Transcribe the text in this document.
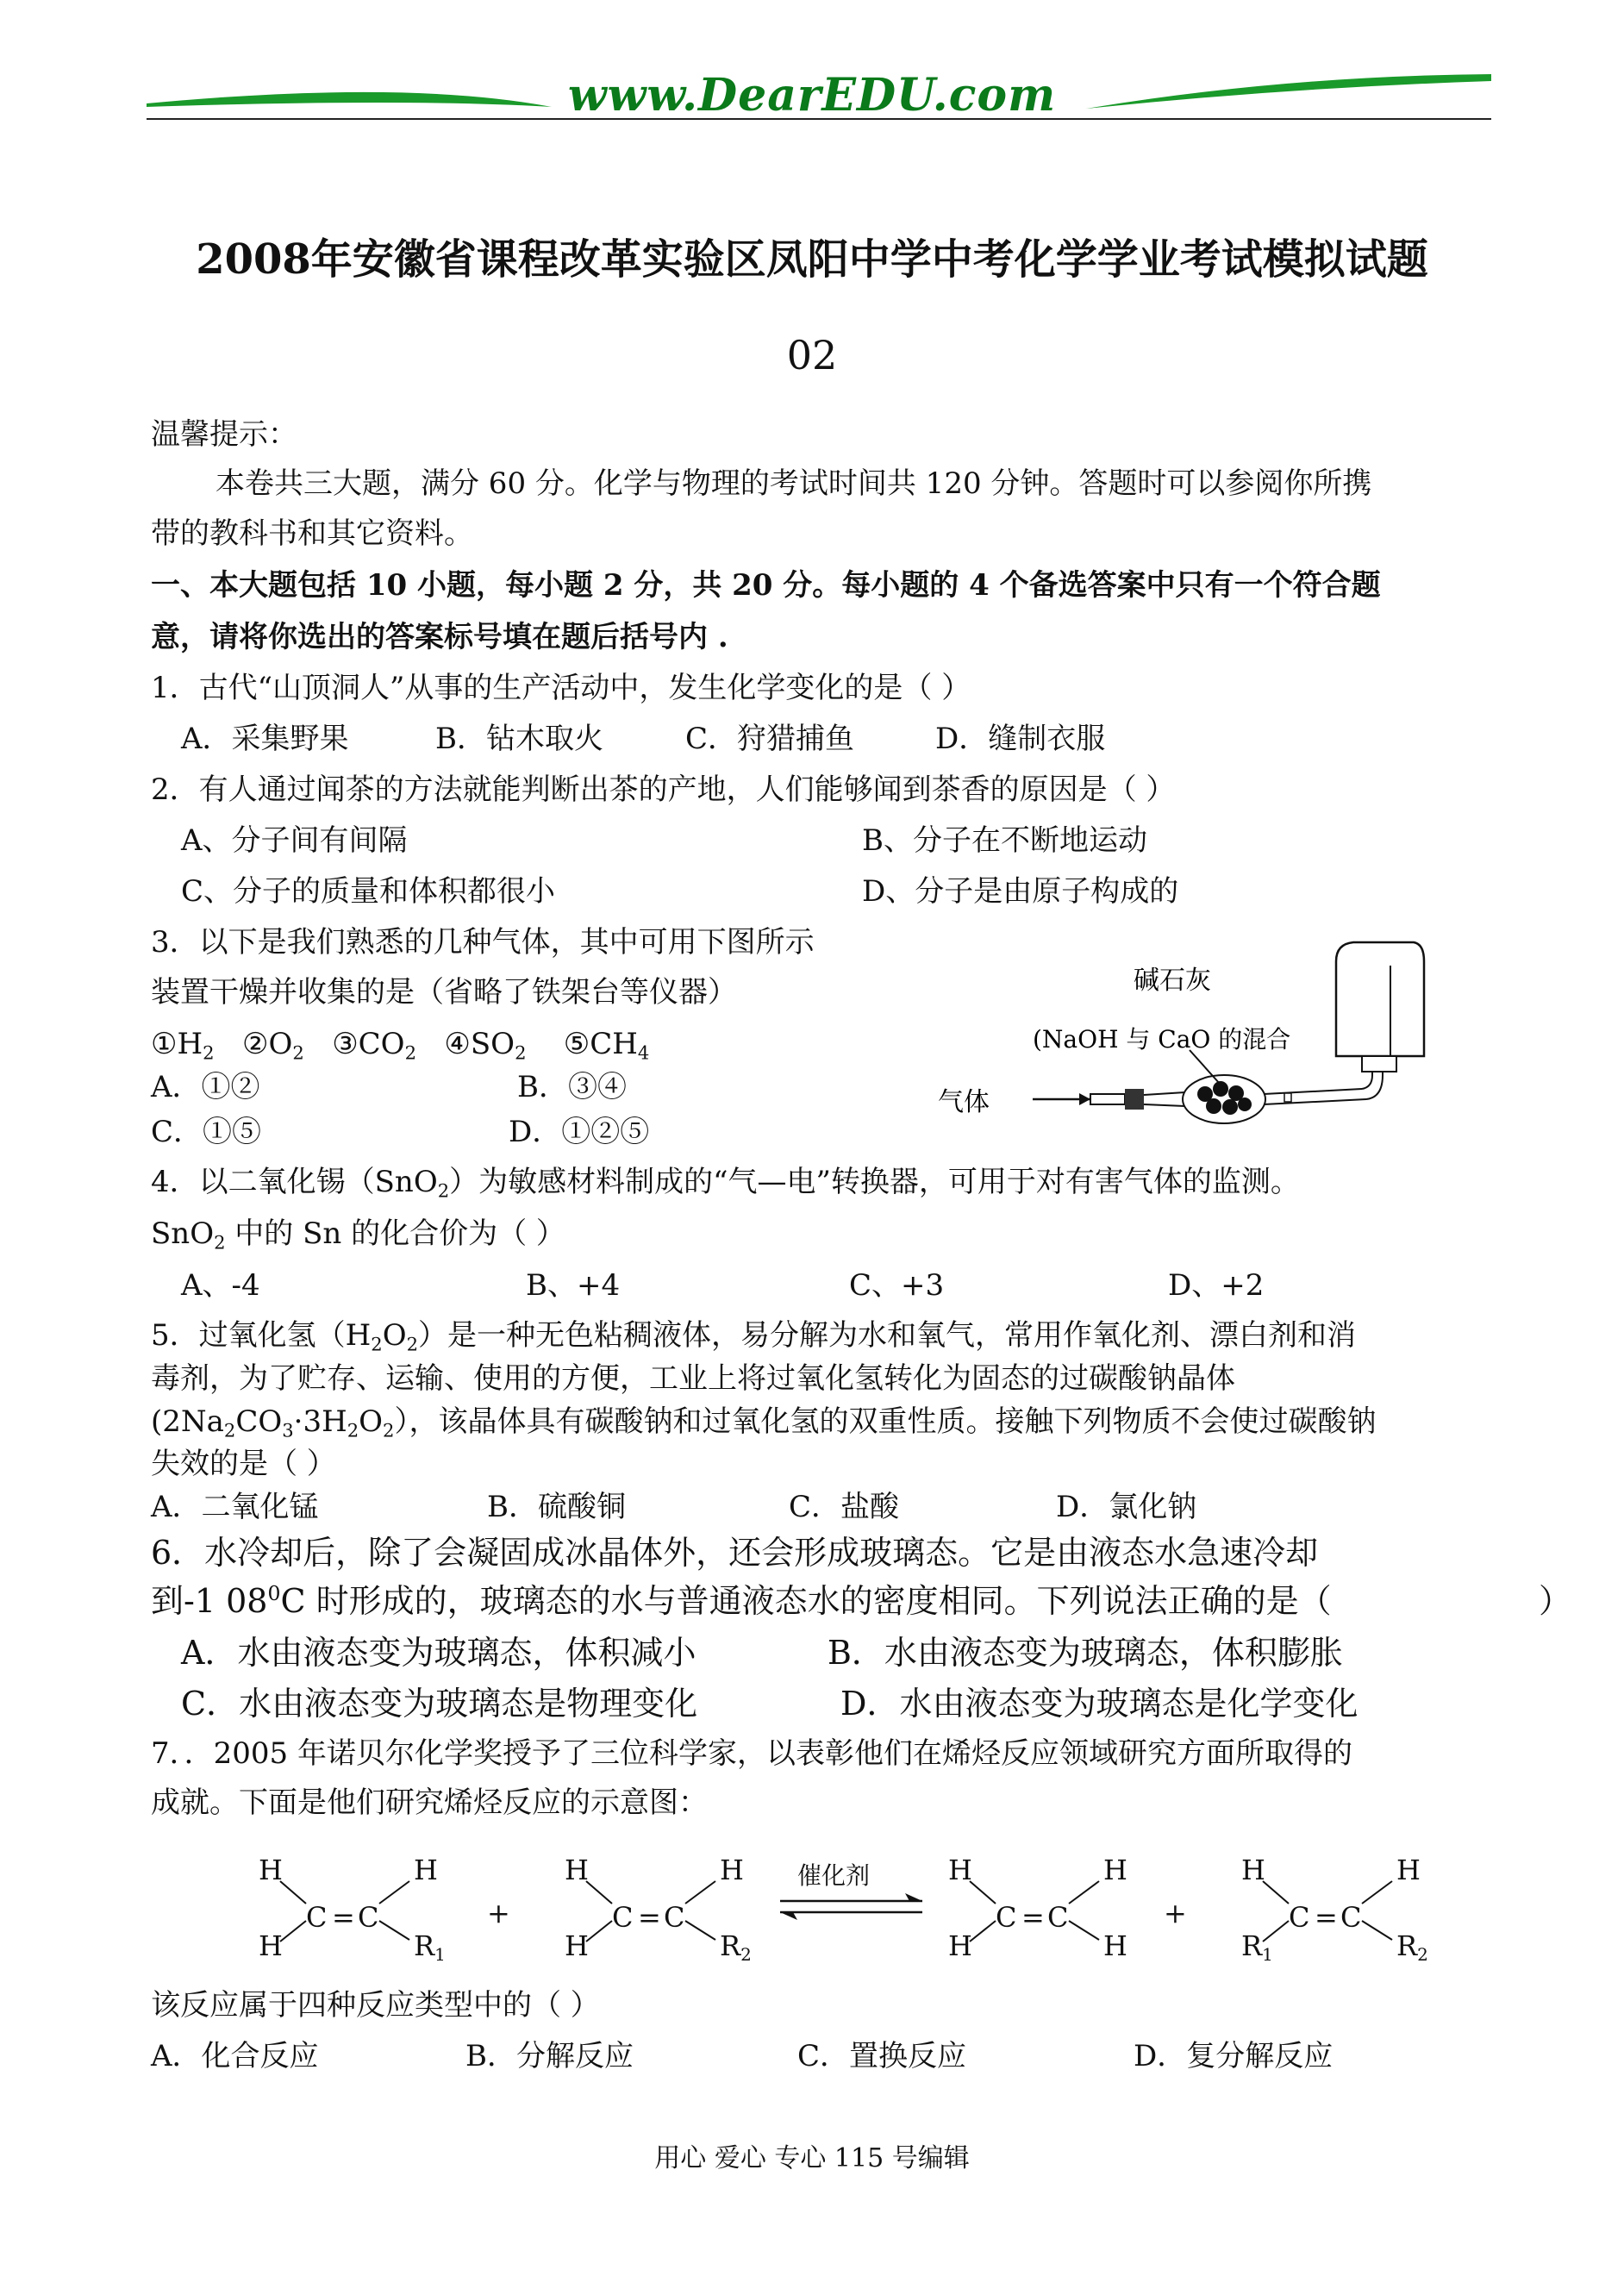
www.DearEDU.com
2008年安徽省课程改革实验区凤阳中学中考化学学业考试模拟试题
02
温馨提示：
本卷共三大题，满分 60 分。化学与物理的考试时间共 120 分钟。答题时可以参阅你所携
带的教科书和其它资料。
一、本大题包括 10 小题，每小题 2 分，共 20 分。每小题的 4 个备选答案中只有一个符合题
意，请将你选出的答案标号填在题后括号内 .
1．古代“山顶洞人”从事的生产活动中，发生化学变化的是（ ）
A．采集野果	B．钻木取火	C．狩猎捕鱼	D．缝制衣服
2．有人通过闻茶的方法就能判断出茶的产地，人们能够闻到茶香的原因是（ ）
A、分子间有间隔	B、分子在不断地运动
C、分子的质量和体积都很小	D、分子是由原子构成的
3．以下是我们熟悉的几种气体，其中可用下图所示
装置干燥并收集的是（省略了铁架台等仪器）
$①H_2$   $②O_2$   $③CO_2$   $④SO_2$    $⑤CH_4$
A．①②	B．③④
C．①⑤	D．①②⑤
碱石灰
(NaOH 与 CaO 的混合
气体
4．以二氧化锡（SnO$_2$）为敏感材料制成的“气—电”转换器，可用于对有害气体的监测。
SnO$_2$ 中的 Sn 的化合价为（ ）
A、-4	B、+4	C、+3	D、+2
5．过氧化氢$(H_2O_2)$是一种无色粘稠液体，易分解为水和氧气，常用作氧化剂、漂白剂和消
毒剂，为了贮存、运输、使用的方便，工业上将过氧化氢转化为固态的过碳酸钠晶体
$(2Na_2CO_3\cdot 3H_2O_2)$，该晶体具有碳酸钠和过氧化氢的双重性质。接触下列物质不会使过碳酸钠
失效的是（ ）
A．二氧化锰	B．硫酸铜	C．盐酸	D．氯化钠
6．水冷却后，除了会凝固成冰晶体外，还会形成玻璃态。它是由液态水急速冷却
到-1 $08^0C$ 时形成的，玻璃态的水与普通液态水的密度相同。下列说法正确的是（	）
A．水由液态变为玻璃态，体积减小	B．水由液态变为玻璃态，体积膨胀
C．水由液态变为玻璃态是物理变化	D．水由液态变为玻璃态是化学变化
7．．2005 年诺贝尔化学奖授予了三位科学家，以表彰他们在烯烃反应领域研究方面所取得的
成就。下面是他们研究烯烃反应的示意图：
H
H
C = C
H
R1
+
H
H
C = C
H
R2
催化剂	H
H
C = C
H
H
+
H
R1
C = C
H
R2
该反应属于四种反应类型中的（ ）
A．化合反应	B．分解反应	C．置换反应	D．复分解反应
用心 爱心 专心 115 号编辑
